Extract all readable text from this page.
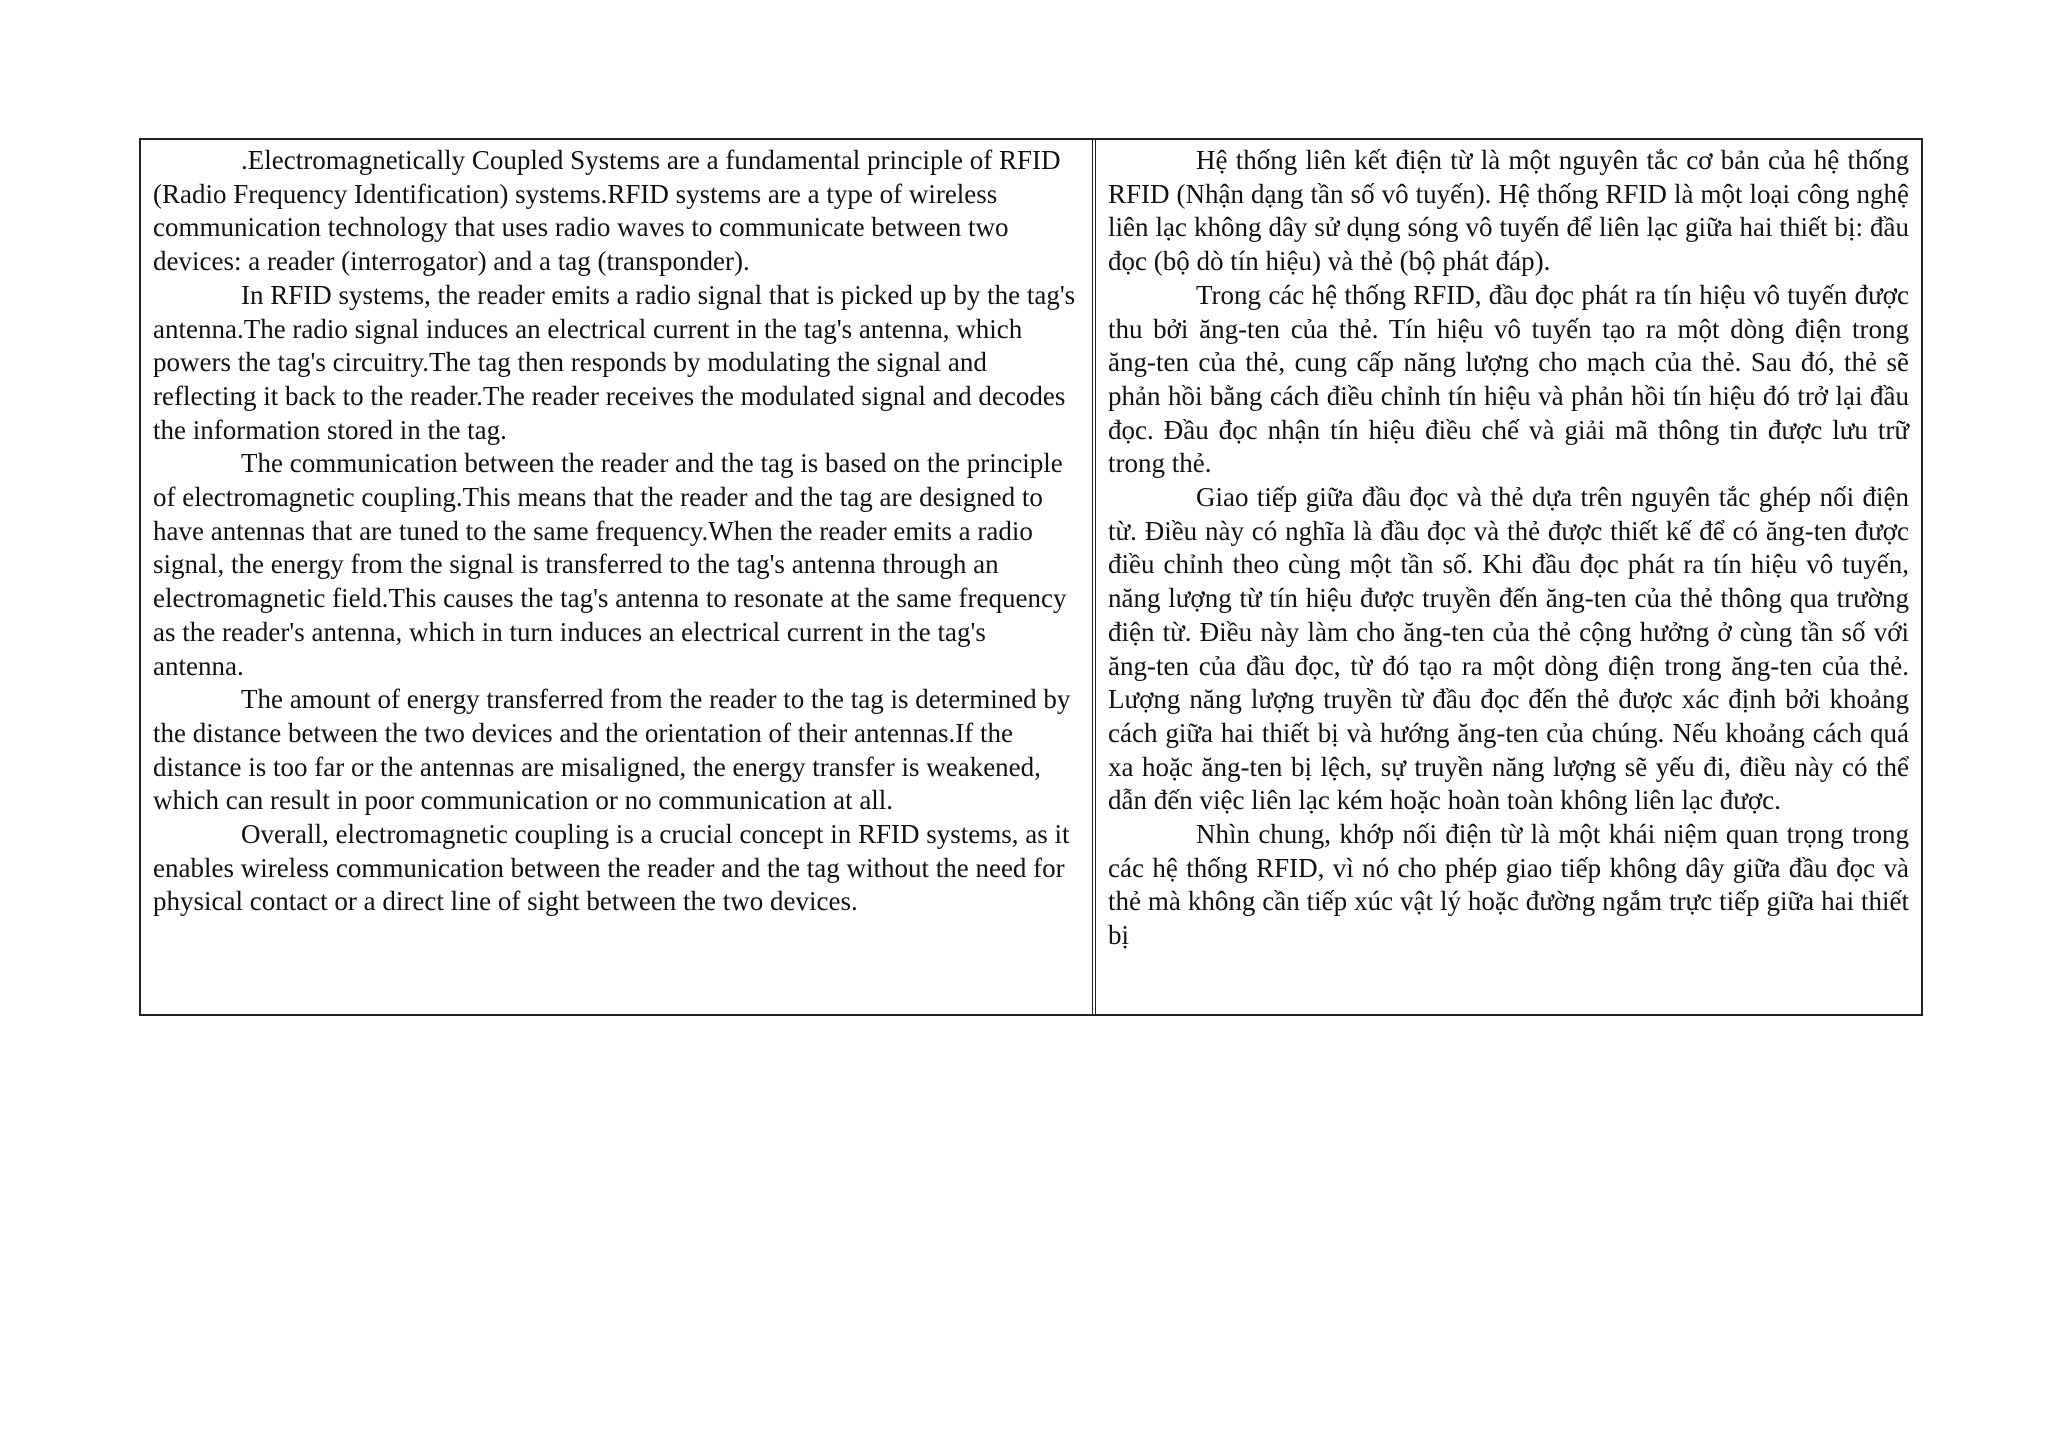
.Electromagnetically Coupled Systems are a fundamental principle of RFID (Radio Frequency Identification) systems.RFID systems are a type of wireless communication technology that uses radio waves to communicate between two devices: a reader (interrogator) and a tag (transponder).

In RFID systems, the reader emits a radio signal that is picked up by the tag's antenna.The radio signal induces an electrical current in the tag's antenna, which powers the tag's circuitry.The tag then responds by modulating the signal and reflecting it back to the reader.The reader receives the modulated signal and decodes the information stored in the tag.

The communication between the reader and the tag is based on the principle of electromagnetic coupling.This means that the reader and the tag are designed to have antennas that are tuned to the same frequency.When the reader emits a radio signal, the energy from the signal is transferred to the tag's antenna through an electromagnetic field.This causes the tag's antenna to resonate at the same frequency as the reader's antenna, which in turn induces an electrical current in the tag's antenna.

The amount of energy transferred from the reader to the tag is determined by the distance between the two devices and the orientation of their antennas.If the distance is too far or the antennas are misaligned, the energy transfer is weakened, which can result in poor communication or no communication at all.

Overall, electromagnetic coupling is a crucial concept in RFID systems, as it enables wireless communication between the reader and the tag without the need for physical contact or a direct line of sight between the two devices.

Hệ thống liên kết điện từ là một nguyên tắc cơ bản của hệ thống RFID (Nhận dạng tần số vô tuyến). Hệ thống RFID là một loại công nghệ liên lạc không dây sử dụng sóng vô tuyến để liên lạc giữa hai thiết bị: đầu đọc (bộ dò tín hiệu) và thẻ (bộ phát đáp).

Trong các hệ thống RFID, đầu đọc phát ra tín hiệu vô tuyến được thu bởi ăng-ten của thẻ. Tín hiệu vô tuyến tạo ra một dòng điện trong ăng-ten của thẻ, cung cấp năng lượng cho mạch của thẻ. Sau đó, thẻ sẽ phản hồi bằng cách điều chỉnh tín hiệu và phản hồi tín hiệu đó trở lại đầu đọc. Đầu đọc nhận tín hiệu điều chế và giải mã thông tin được lưu trữ trong thẻ.

Giao tiếp giữa đầu đọc và thẻ dựa trên nguyên tắc ghép nối điện từ. Điều này có nghĩa là đầu đọc và thẻ được thiết kế để có ăng-ten được điều chỉnh theo cùng một tần số. Khi đầu đọc phát ra tín hiệu vô tuyến, năng lượng từ tín hiệu được truyền đến ăng-ten của thẻ thông qua trường điện từ. Điều này làm cho ăng-ten của thẻ cộng hưởng ở cùng tần số với ăng-ten của đầu đọc, từ đó tạo ra một dòng điện trong ăng-ten của thẻ. Lượng năng lượng truyền từ đầu đọc đến thẻ được xác định bởi khoảng cách giữa hai thiết bị và hướng ăng-ten của chúng. Nếu khoảng cách quá xa hoặc ăng-ten bị lệch, sự truyền năng lượng sẽ yếu đi, điều này có thể dẫn đến việc liên lạc kém hoặc hoàn toàn không liên lạc được.

Nhìn chung, khớp nối điện từ là một khái niệm quan trọng trong các hệ thống RFID, vì nó cho phép giao tiếp không dây giữa đầu đọc và thẻ mà không cần tiếp xúc vật lý hoặc đường ngắm trực tiếp giữa hai thiết bị
